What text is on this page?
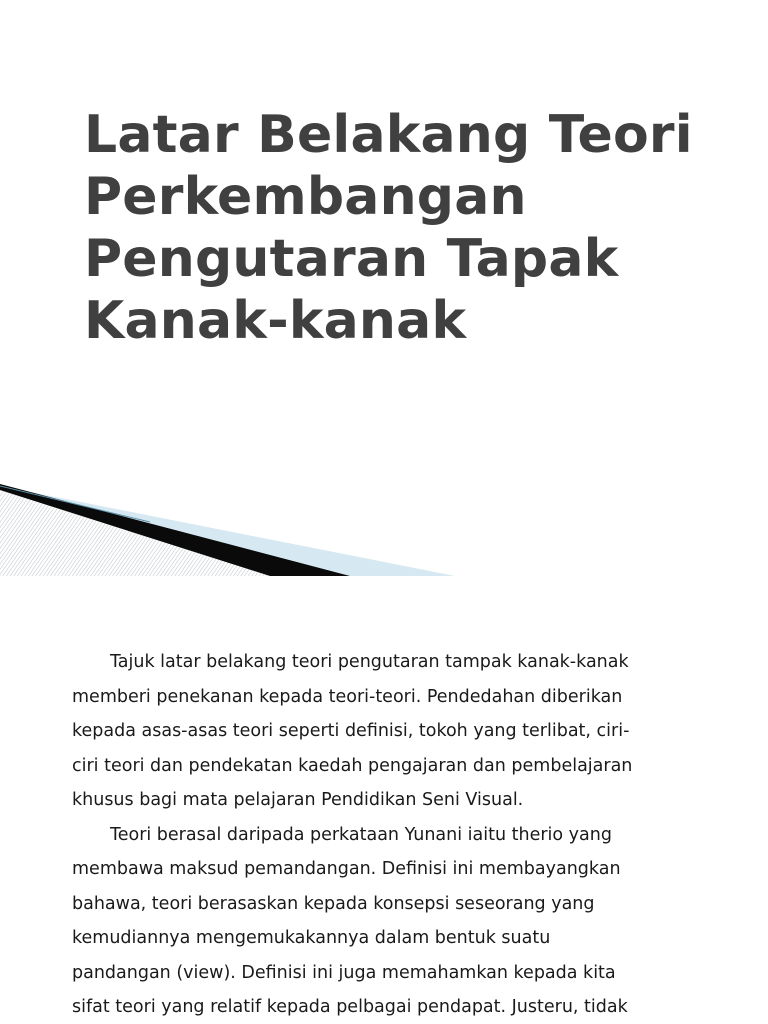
Latar Belakang Teori
Perkembangan
Pengutaran Tapak
Kanak-kanak
Tajuk latar belakang teori pengutaran tampak kanak-kanak
memberi penekanan kepada teori-teori. Pendedahan diberikan
kepada asas-asas teori seperti definisi, tokoh yang terlibat, ciri-
ciri teori dan pendekatan kaedah pengajaran dan pembelajaran
khusus bagi mata pelajaran Pendidikan Seni Visual.
Teori berasal daripada perkataan Yunani iaitu therio yang
membawa maksud pemandangan. Definisi ini membayangkan
bahawa, teori berasaskan kepada konsepsi seseorang yang
kemudiannya mengemukakannya dalam bentuk suatu
pandangan (view). Definisi ini juga memahamkan kepada kita
sifat teori yang relatif kepada pelbagai pendapat. Justeru, tidak
